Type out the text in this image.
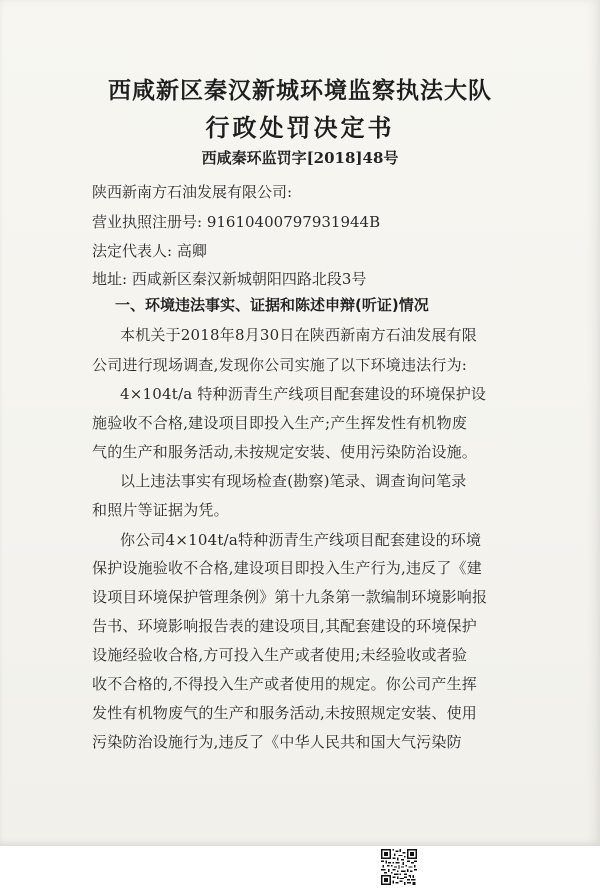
西咸新区秦汉新城环境监察执法大队
行政处罚决定书
西咸秦环监罚字[2018]48号
陕西新南方石油发展有限公司:
营业执照注册号: 91610400797931944B
法定代表人: 高卿
地址: 西咸新区秦汉新城朝阳四路北段3号
一、环境违法事实、证据和陈述申辩(听证)情况
本机关于2018年8月30日在陕西新南方石油发展有限
公司进行现场调查,发现你公司实施了以下环境违法行为:
4×104t/a 特种沥青生产线项目配套建设的环境保护设
施验收不合格,建设项目即投入生产;产生挥发性有机物废
气的生产和服务活动,未按规定安装、使用污染防治设施。
以上违法事实有现场检查(勘察)笔录、调查询问笔录
和照片等证据为凭。
你公司4×104t/a特种沥青生产线项目配套建设的环境
保护设施验收不合格,建设项目即投入生产行为,违反了《建
设项目环境保护管理条例》第十九条第一款编制环境影响报
告书、环境影响报告表的建设项目,其配套建设的环境保护
设施经验收合格,方可投入生产或者使用;未经验收或者验
收不合格的,不得投入生产或者使用的规定。你公司产生挥
发性有机物废气的生产和服务活动,未按照规定安装、使用
污染防治设施行为,违反了《中华人民共和国大气污染防
